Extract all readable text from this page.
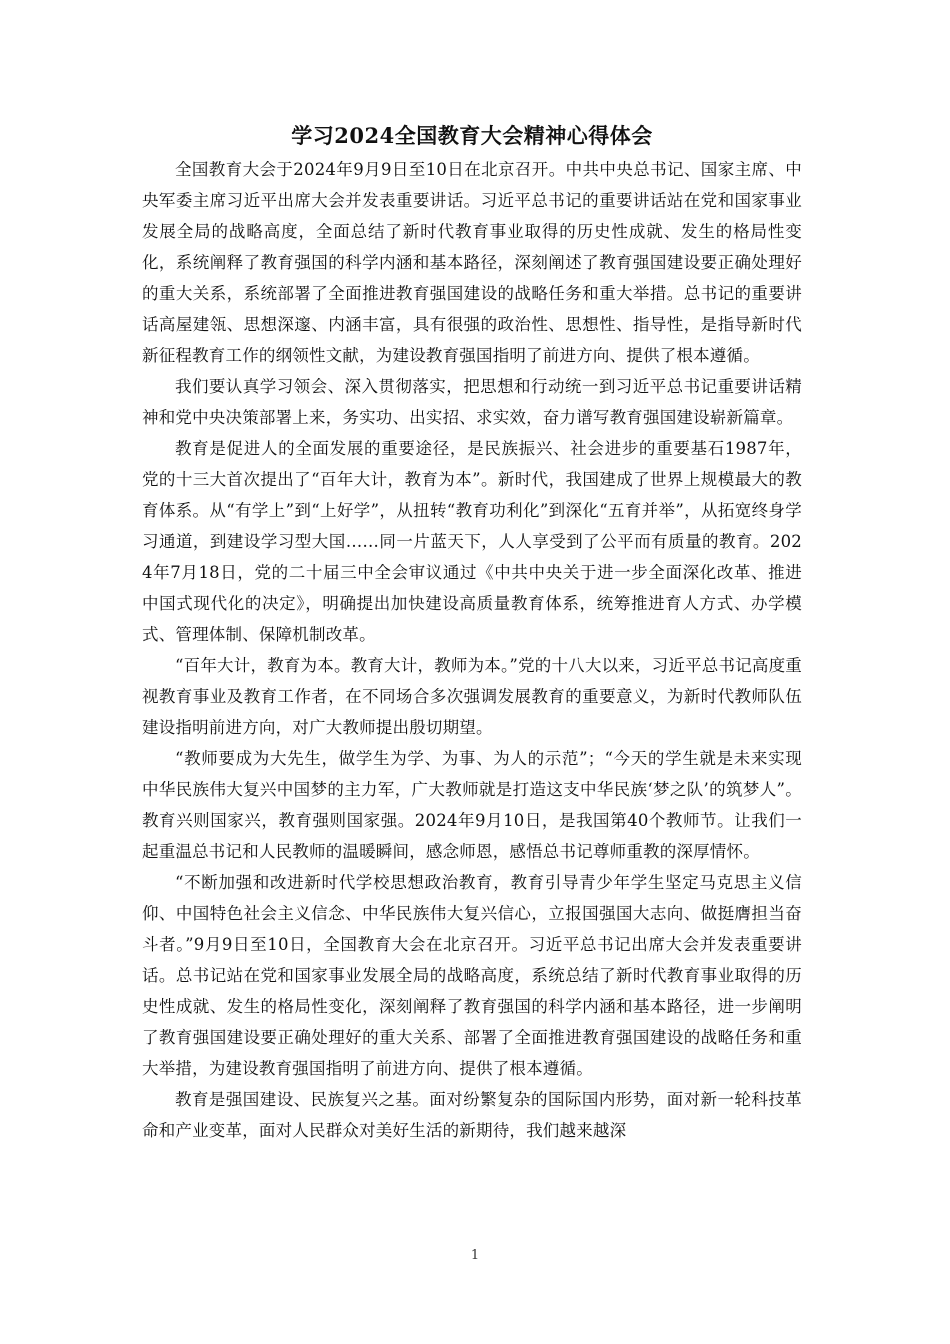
学习2024全国教育大会精神心得体会

全国教育大会于2024年9月9日至10日在北京召开。中共中央总书记、国家主席、中央军委主席习近平出席大会并发表重要讲话。习近平总书记的重要讲话站在党和国家事业发展全局的战略高度，全面总结了新时代教育事业取得的历史性成就、发生的格局性变化，系统阐释了教育强国的科学内涵和基本路径，深刻阐述了教育强国建设要正确处理好的重大关系，系统部署了全面推进教育强国建设的战略任务和重大举措。总书记的重要讲话高屋建瓴、思想深邃、内涵丰富，具有很强的政治性、思想性、指导性，是指导新时代新征程教育工作的纲领性文献，为建设教育强国指明了前进方向、提供了根本遵循。

我们要认真学习领会、深入贯彻落实，把思想和行动统一到习近平总书记重要讲话精神和党中央决策部署上来，务实功、出实招、求实效，奋力谱写教育强国建设崭新篇章。

教育是促进人的全面发展的重要途径，是民族振兴、社会进步的重要基石1987年，党的十三大首次提出了“百年大计，教育为本”。新时代，我国建成了世界上规模最大的教育体系。从“有学上”到“上好学”，从扭转“教育功利化”到深化“五育并举”，从拓宽终身学习通道，到建设学习型大国……同一片蓝天下，人人享受到了公平而有质量的教育。2024年7月18日，党的二十届三中全会审议通过《中共中央关于进一步全面深化改革、推进中国式现代化的决定》，明确提出加快建设高质量教育体系，统筹推进育人方式、办学模式、管理体制、保障机制改革。

“百年大计，教育为本。教育大计，教师为本。”党的十八大以来，习近平总书记高度重视教育事业及教育工作者，在不同场合多次强调发展教育的重要意义，为新时代教师队伍建设指明前进方向，对广大教师提出殷切期望。

“教师要成为大先生，做学生为学、为事、为人的示范”；“今天的学生就是未来实现中华民族伟大复兴中国梦的主力军，广大教师就是打造这支中华民族‘梦之队’的筑梦人”。教育兴则国家兴，教育强则国家强。2024年9月10日，是我国第40个教师节。让我们一起重温总书记和人民教师的温暖瞬间，感念师恩，感悟总书记尊师重教的深厚情怀。

“不断加强和改进新时代学校思想政治教育，教育引导青少年学生坚定马克思主义信仰、中国特色社会主义信念、中华民族伟大复兴信心，立报国强国大志向、做挺膺担当奋斗者。”9月9日至10日，全国教育大会在北京召开。习近平总书记出席大会并发表重要讲话。总书记站在党和国家事业发展全局的战略高度，系统总结了新时代教育事业取得的历史性成就、发生的格局性变化，深刻阐释了教育强国的科学内涵和基本路径，进一步阐明了教育强国建设要正确处理好的重大关系、部署了全面推进教育强国建设的战略任务和重大举措，为建设教育强国指明了前进方向、提供了根本遵循。

教育是强国建设、民族复兴之基。面对纷繁复杂的国际国内形势，面对新一轮科技革命和产业变革，面对人民群众对美好生活的新期待，我们越来越深

1
